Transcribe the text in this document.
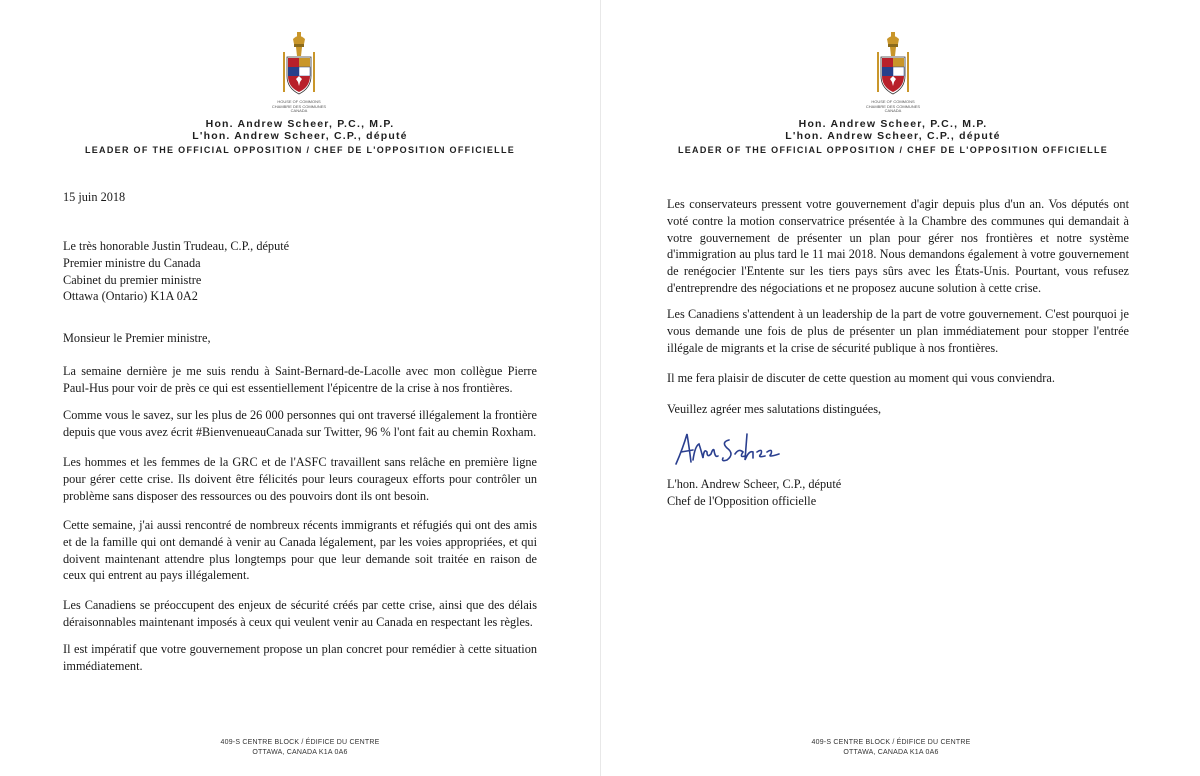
HOUSE OF COMMONS
CHAMBRE DES COMMUNES
CANADA
Hon. Andrew Scheer, P.C., M.P.
L'hon. Andrew Scheer, C.P., député
LEADER OF THE OFFICIAL OPPOSITION / CHEF DE L'OPPOSITION OFFICIELLE
15 juin 2018
Le très honorable Justin Trudeau, C.P., député
Premier ministre du Canada
Cabinet du premier ministre
Ottawa (Ontario) K1A 0A2
Monsieur le Premier ministre,

La semaine dernière je me suis rendu à Saint-Bernard-de-Lacolle avec mon collègue Pierre Paul-Hus pour voir de près ce qui est essentiellement l'épicentre de la crise à nos frontières.

Comme vous le savez, sur les plus de 26 000 personnes qui ont traversé illégalement la frontière depuis que vous avez écrit #BienvenueauCanada sur Twitter, 96 % l'ont fait au chemin Roxham.

Les hommes et les femmes de la GRC et de l'ASFC travaillent sans relâche en première ligne pour gérer cette crise. Ils doivent être félicités pour leurs courageux efforts pour contrôler un problème sans disposer des ressources ou des pouvoirs dont ils ont besoin.

Cette semaine, j'ai aussi rencontré de nombreux récents immigrants et réfugiés qui ont des amis et de la famille qui ont demandé à venir au Canada légalement, par les voies appropriées, et qui doivent maintenant attendre plus longtemps pour que leur demande soit traitée en raison de ceux qui entrent au pays illégalement.

Les Canadiens se préoccupent des enjeux de sécurité créés par cette crise, ainsi que des délais déraisonnables maintenant imposés à ceux qui veulent venir au Canada en respectant les règles.

Il est impératif que votre gouvernement propose un plan concret pour remédier à cette situation immédiatement.

409-S CENTRE BLOCK / ÉDIFICE DU CENTRE
OTTAWA, CANADA K1A 0A6
HOUSE OF COMMONS
CHAMBRE DES COMMUNES
CANADA
Hon. Andrew Scheer, P.C., M.P.
L'hon. Andrew Scheer, C.P., député
LEADER OF THE OFFICIAL OPPOSITION / CHEF DE L'OPPOSITION OFFICIELLE

Les conservateurs pressent votre gouvernement d'agir depuis plus d'un an. Vos députés ont voté contre la motion conservatrice présentée à la Chambre des communes qui demandait à votre gouvernement de présenter un plan pour gérer nos frontières et notre système d'immigration au plus tard le 11 mai 2018. Nous demandons également à votre gouvernement de renégocier l'Entente sur les tiers pays sûrs avec les États-Unis. Pourtant, vous refusez d'entreprendre des négociations et ne proposez aucune solution à cette crise.

Les Canadiens s'attendent à un leadership de la part de votre gouvernement. C'est pourquoi je vous demande une fois de plus de présenter un plan immédiatement pour stopper l'entrée illégale de migrants et la crise de sécurité publique à nos frontières.

Il me fera plaisir de discuter de cette question au moment qui vous conviendra.

Veuillez agréer mes salutations distinguées,

L'hon. Andrew Scheer, C.P., député
Chef de l'Opposition officielle
409-S CENTRE BLOCK / ÉDIFICE DU CENTRE
OTTAWA, CANADA K1A 0A6
